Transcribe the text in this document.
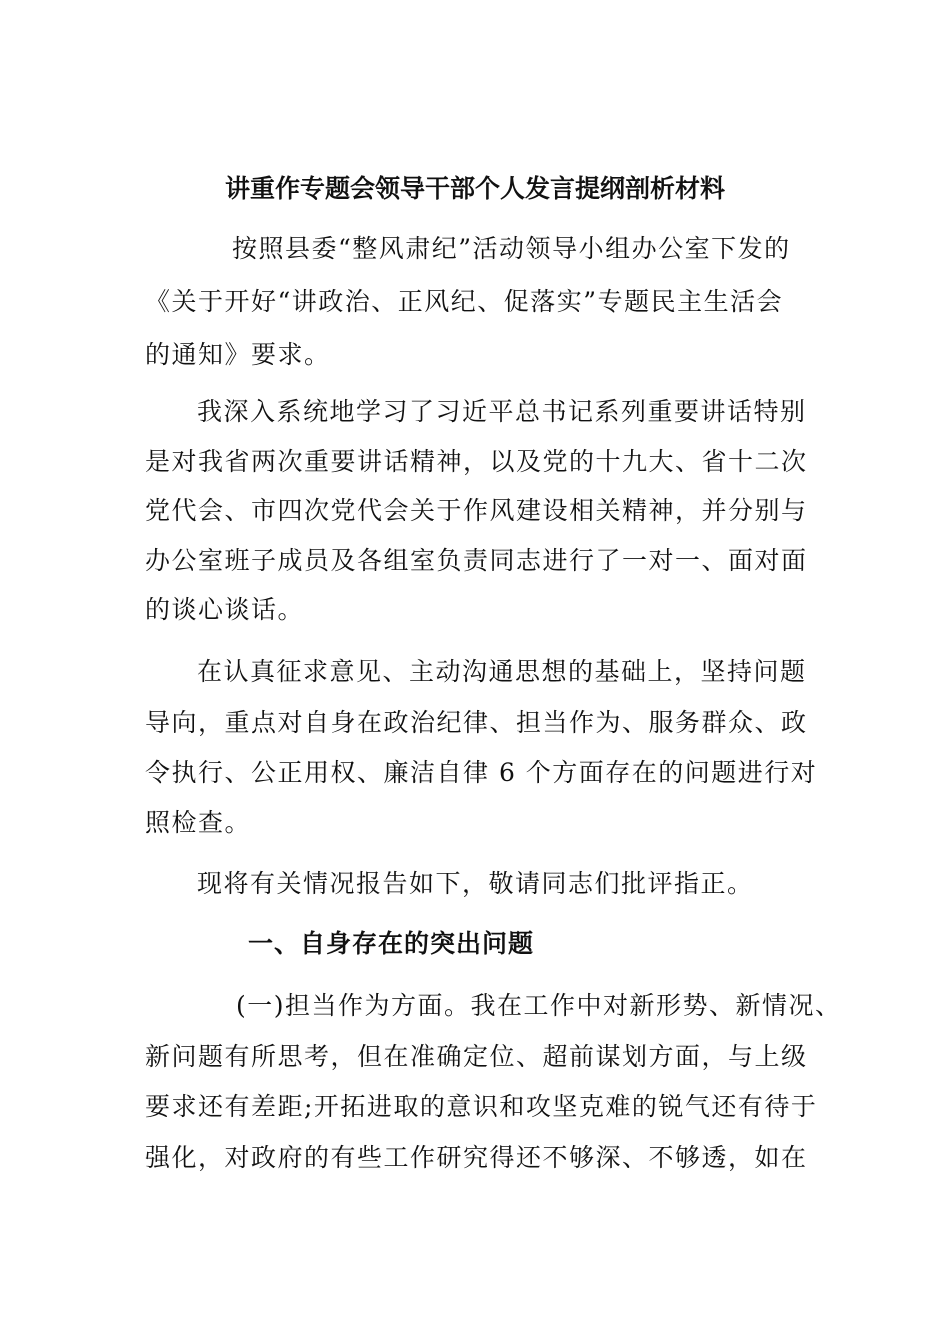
讲重作专题会领导干部个人发言提纲剖析材料
按照县委“整风肃纪”活动领导小组办公室下发的
《关于开好“讲政治、正风纪、促落实”专题民主生活会
的通知》要求。
我深入系统地学习了习近平总书记系列重要讲话特别
是对我省两次重要讲话精神，以及党的十九大、省十二次
党代会、市四次党代会关于作风建设相关精神，并分别与
办公室班子成员及各组室负责同志进行了一对一、面对面
的谈心谈话。
在认真征求意见、主动沟通思想的基础上，坚持问题
导向，重点对自身在政治纪律、担当作为、服务群众、政
令执行、公正用权、廉洁自律 6 个方面存在的问题进行对
照检查。
现将有关情况报告如下，敬请同志们批评指正。
一、自身存在的突出问题
(一)担当作为方面。我在工作中对新形势、新情况、
新问题有所思考，但在准确定位、超前谋划方面，与上级
要求还有差距;开拓进取的意识和攻坚克难的锐气还有待于
强化，对政府的有些工作研究得还不够深、不够透，如在
